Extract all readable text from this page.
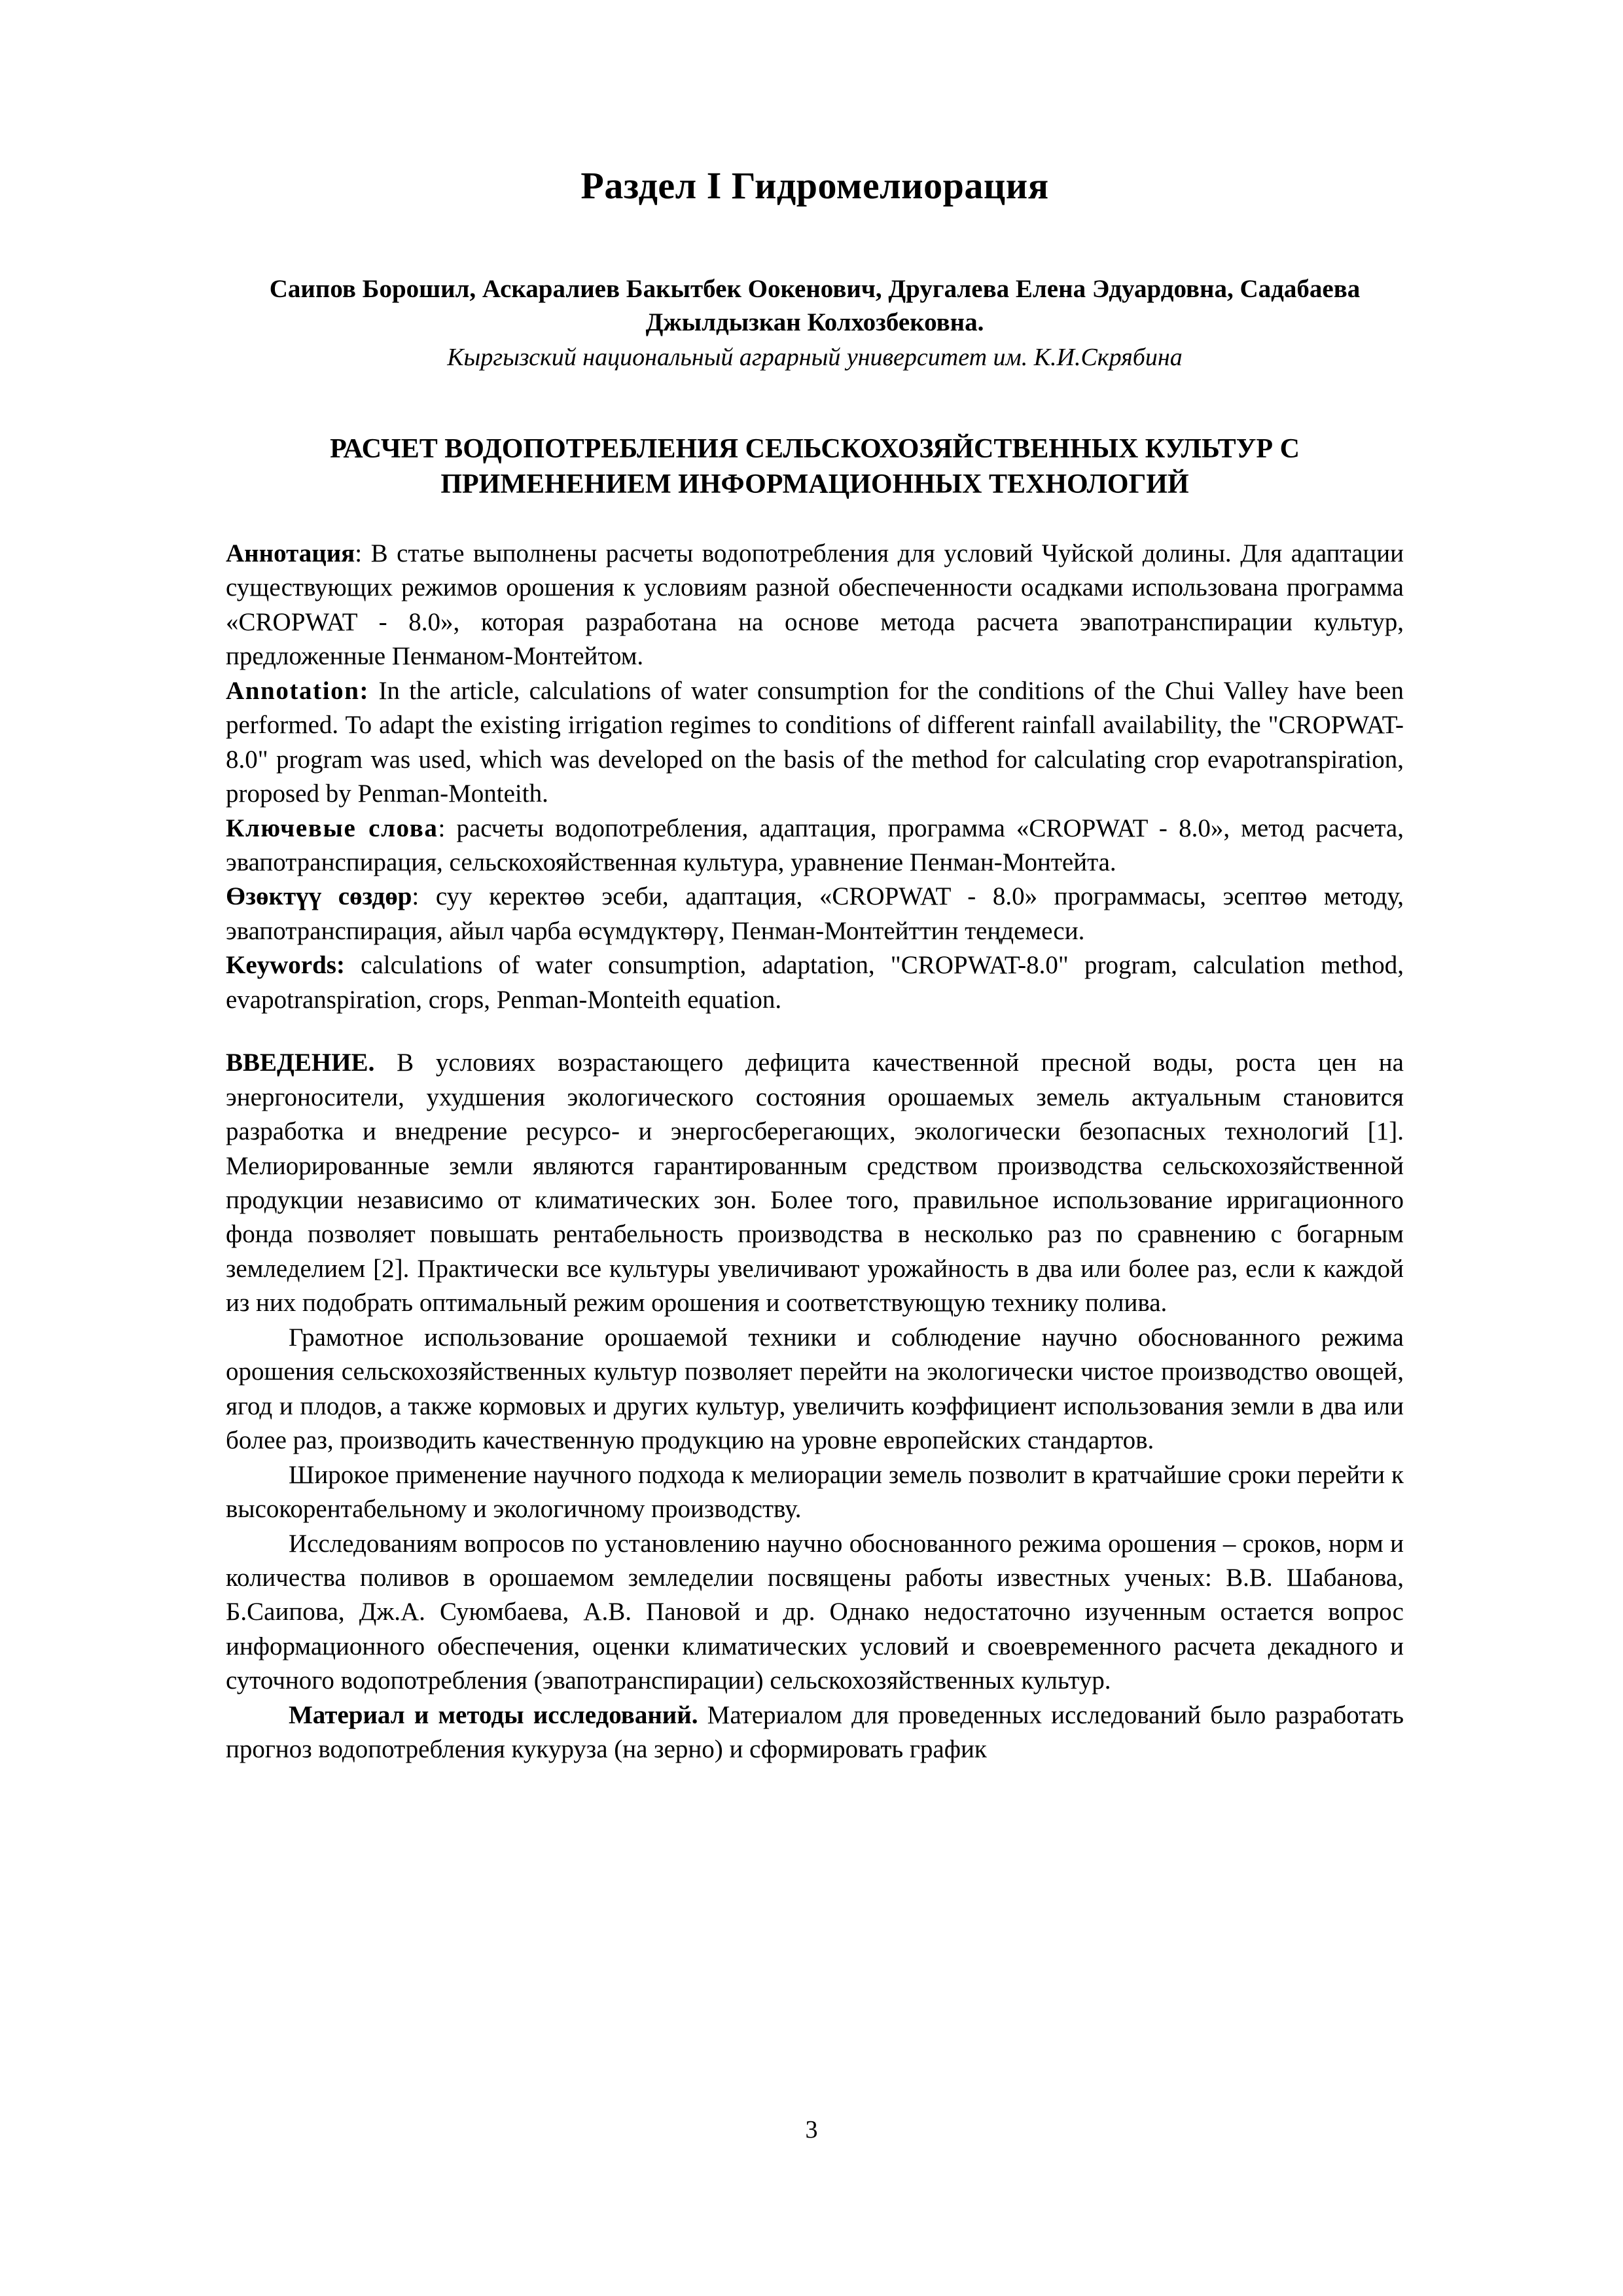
Раздел I Гидромелиорация
Саипов Борошил, Аскаралиев Бакытбек Оокенович, Другалева Елена Эдуардовна, Садабаева Джылдызкан Колхозбековна.
Кыргызский национальный аграрный университет им. К.И.Скрябина
РАСЧЕТ ВОДОПОТРЕБЛЕНИЯ СЕЛЬСКОХОЗЯЙСТВЕННЫХ КУЛЬТУР С ПРИМЕНЕНИЕМ ИНФОРМАЦИОННЫХ ТЕХНОЛОГИЙ

Аннотация: В статье выполнены расчеты водопотребления для условий Чуйской долины. Для адаптации существующих режимов орошения к условиям разной обеспеченности осадками использована программа «CROPWAT - 8.0», которая разработана на основе метода расчета эвапотранспирации культур, предложенные Пенманом-Монтейтом.

Annotation: In the article, calculations of water consumption for the conditions of the Chui Valley have been performed. To adapt the existing irrigation regimes to conditions of different rainfall availability, the "CROPWAT-8.0" program was used, which was developed on the basis of the method for calculating crop evapotranspiration, proposed by Penman-Monteith.

Ключевые слова: расчеты водопотребления, адаптация, программа «CROPWAT - 8.0», метод расчета, эвапотранспирация, сельскохояйственная культура, уравнение Пенман-Монтейта.

Өзөктүү сөздөр: суу керектөө эсеби, адаптация, «CROPWAT - 8.0» программасы, эсептөө методу, эвапотранспирация, айыл чарба өсүмдүктөрү, Пенман-Монтейттин теңдемеси.

Keywords: calculations of water consumption, adaptation, "CROPWAT-8.0" program, calculation method, evapotranspiration, crops, Penman-Monteith equation.

ВВЕДЕНИЕ. В условиях возрастающего дефицита качественной пресной воды, роста цен на энергоносители, ухудшения экологического состояния орошаемых земель актуальным становится разработка и внедрение ресурсо- и энергосберегающих, экологически безопасных технологий [1]. Мелиорированные земли являются гарантированным средством производства сельскохозяйственной продукции независимо от климатических зон. Более того, правильное использование ирригационного фонда позволяет повышать рентабельность производства в несколько раз по сравнению с богарным земледелием [2]. Практически все культуры увеличивают урожайность в два или более раз, если к каждой из них подобрать оптимальный режим орошения и соответствующую технику полива.

Грамотное использование орошаемой техники и соблюдение научно обоснованного режима орошения сельскохозяйственных культур позволяет перейти на экологически чистое производство овощей, ягод и плодов, а также кормовых и других культур, увеличить коэффициент использования земли в два или более раз, производить качественную продукцию на уровне европейских стандартов.

Широкое применение научного подхода к мелиорации земель позволит в кратчайшие сроки перейти к высокорентабельному и экологичному производству.

Исследованиям вопросов по установлению научно обоснованного режима орошения – сроков, норм и количества поливов в орошаемом земледелии посвящены работы известных ученых: В.В. Шабанова, Б.Саипова, Дж.А. Суюмбаева, А.В. Пановой и др. Однако недостаточно изученным остается вопрос информационного обеспечения, оценки климатических условий и своевременного расчета декадного и суточного водопотребления (эвапотранспирации) сельскохозяйственных культур.

Материал и методы исследований. Материалом для проведенных исследований было разработать прогноз водопотребления кукуруза (на зерно) и сформировать график

3
